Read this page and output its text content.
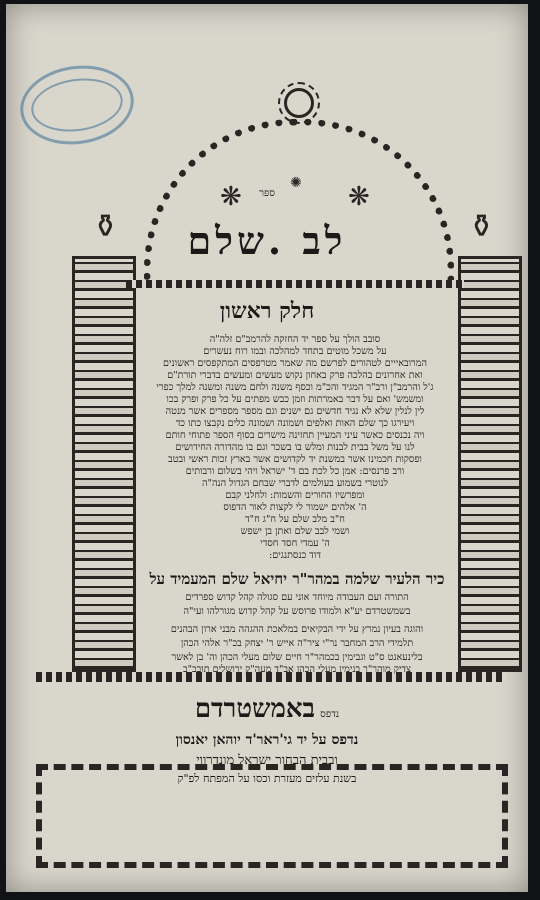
❋	❋
✺
⚱	⚱
ספר
לב .שלם
חלק ראשון
סובב הולך על ספר יד החזקה להרמב"ם זלה"ה
על משכל מוטים בתחד למהלכה ובמו רוח נעשרים
המרובאייים לטהורים לפרשם מה שאמר מטרפסים המתקפסים ראשונים
ואת אחרונים בהלכה פרק באחון נקוש מעשים ומעשים בדברי תורת"ם
ג'ל והרמב"ן ורב"ר המגיד והכ"מ וכסף משנה ולחם משנה ומשנה למלך כפרי
ומשמש' ואם על דבר באמרתות וזמן כבש מפתים על כל פרק ופרק בכו
לין לנלין שלא לא נגיד חדשים גם ישנים וגם מספר מספרים אשר מנטה
ויעירגו כך שלם האות ואלפים ושמונה ושמונה כלים נקבצו כתו כד
ויה נכנסים כאשר עיני המעיין תחזינה מישרים בסוף הספר פתוחי חותם
לנו על משל בבית לבנות ומלש בו בשכר וגם בו מהדורה החידושים
ופסקות חכמינו אשר במשנת יד לקדושים אשר בארץ זכות ראשי ובטב
ורב פרנסים: אמן כל לכת בם ד' ישראל ויהי בשלום ורבותים
לנוטרי בשמוע בעולמים לדברי שבחם הגדול הנה"ה
ומפרשיו החורים והשמות: ולחלני קבם
ה' אלהים ישמור לי לקצות לאור הדפוס
ח"ב מלב שלם על ח"ג ח"ד
ושמי לבב שלם ואתן בן ישפש
ה' עמדי חסד חסדי
דוד כנסתנגים:
כיר הלעיר שלמה במהר"ר יחיאל שלם המעמיד על
התורה ועם העבודה מיוחד אוני עם סגולה קהל קדוש ספרדים
בשמשטרדם יע"א ולמודו פרוסש על קהל קדוש מגורלהו ועי"ה
והוגה בעיון נמרץ על ידי הבקיאים במלאכת ההגהה מבני ארון הבהנים
תלמידי הרב המחבר נר"י ציר"ה אייש ר' יצחק בכ"ר אלהי הכהן
בלינעאנט ס"ט וגבימין בכמהר"ר חיים שלום מעלי הכהן וה' בן לאשר
צדיק מוהר"ר בנימין מעלי הכהן אב"ד מעה"ק ירושלים תובב"ב
נדפס באמשטרדם
נדפס על יד גי'ראר'ד יוהאן יאנסון
ובבית הבחור ישראל מונדרווי
בשנת עלזים מעזרת וכסו על המפתח לפ"ק
